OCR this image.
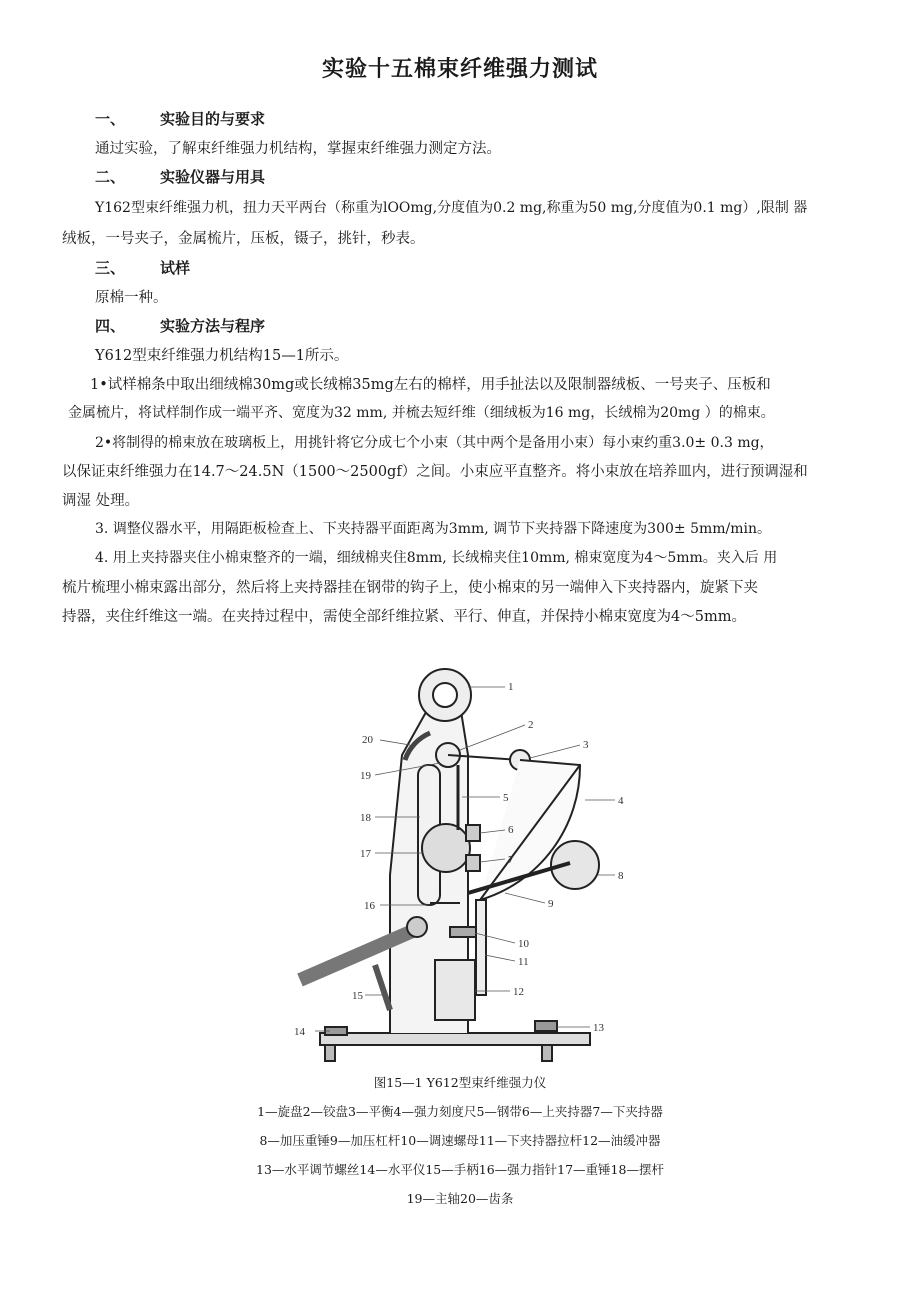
实验十五棉束纤维强力测试
一、 实验目的与要求
通过实验，了解束纤维强力机结构，掌握束纤维强力测定方法。
二、 实验仪器与用具
Y162型束纤维强力机，扭力天平两台（称重为lOOmg,分度值为0.2 mg,称重为50 mg,分度值为0.1 mg）,限制 器
绒板，一号夹子，金属梳片，压板，镊子，挑针，秒表。
三、 试样
原棉一种。
四、 实验方法与程序
Y612型束纤维强力机结构15—1所示。
1•试样棉条中取出细绒棉30mg或长绒棉35mg左右的棉样，用手扯法以及限制器绒板、一号夹子、压板和
金属梳片，将试样制作成一端平齐、宽度为32 mm, 并梳去短纤维（细绒板为16 mg，长绒棉为20mg ）的棉束。
2•将制得的棉束放在玻璃板上，用挑针将它分成七个小束（其中两个是备用小束）每小束约重3.0± 0.3 mg，
以保证束纤维强力在14.7〜24.5N（1500〜2500gf）之间。小束应平直整齐。将小束放在培养皿内，进行预调湿和
调湿 处理。
3. 调整仪器水平，用隔距板检查上、下夹持器平面距离为3mm, 调节下夹持器下降速度为300± 5mm/min。
4. 用上夹持器夹住小棉束整齐的一端，细绒棉夹住8mm, 长绒棉夹住10mm, 棉束宽度为4〜5mm。夹入后 用
梳片梳理小棉束露出部分，然后将上夹持器挂在钢带的钩子上，使小棉束的另一端伸入下夹持器内，旋紧下夹
持器，夹住纤维这一端。在夹持过程中，需使全部纤维拉紧、平行、伸直，并保持小棉束宽度为4〜5mm。
1
2
3
4
5
6
7
8
9
10
11
12
13
14
15
16
17
18
19
20
图15—1 Y612型束纤维强力仪
1—旋盘2—铰盘3—平衡4—强力刻度尺5—钢带6—上夹持器7—下夹持器
8—加压重锤9—加压杠杆10—调速螺母11—下夹持器拉杆12—油缓冲器
13—水平调节螺丝14—水平仪15—手柄16—强力指针17—重锤18—摆杆
19—主轴20—齿条
